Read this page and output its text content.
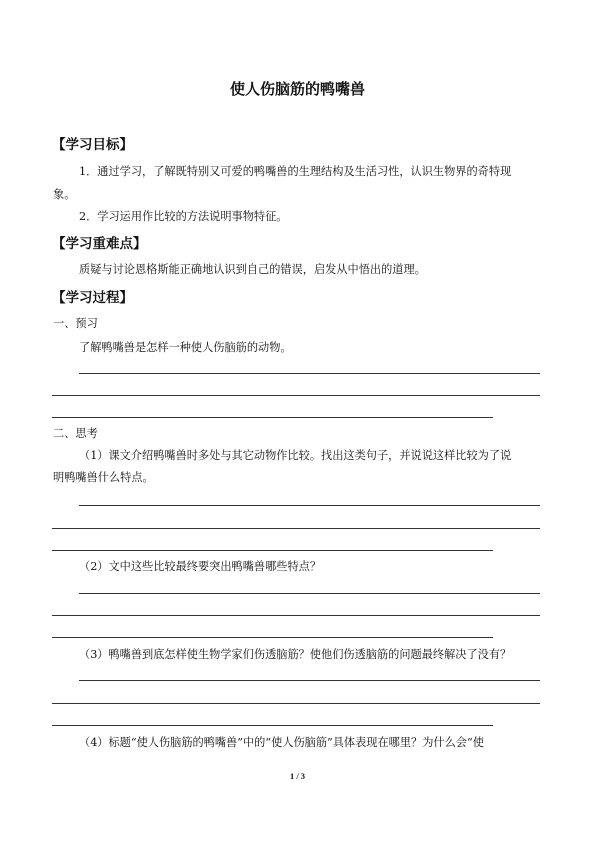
使人伤脑筋的鸭嘴兽
【学习目标】
1．通过学习，了解既特别又可爱的鸭嘴兽的生理结构及生活习性，认识生物界的奇特现
象。
2．学习运用作比较的方法说明事物特征。
【学习重难点】
质疑与讨论恩格斯能正确地认识到自己的错误，启发从中悟出的道理。
【学习过程】
一、预习
了解鸭嘴兽是怎样一种使人伤脑筋的动物。
二、思考
（1）课文介绍鸭嘴兽时多处与其它动物作比较。找出这类句子，并说说这样比较为了说
明鸭嘴兽什么特点。
（2）文中这些比较最终要突出鸭嘴兽哪些特点？
（3）鸭嘴兽到底怎样使生物学家们伤透脑筋？使他们伤透脑筋的问题最终解决了没有？
（4）标题“使人伤脑筋的鸭嘴兽”中的“使人伤脑筋”具体表现在哪里？为什么会“使
1 / 3
